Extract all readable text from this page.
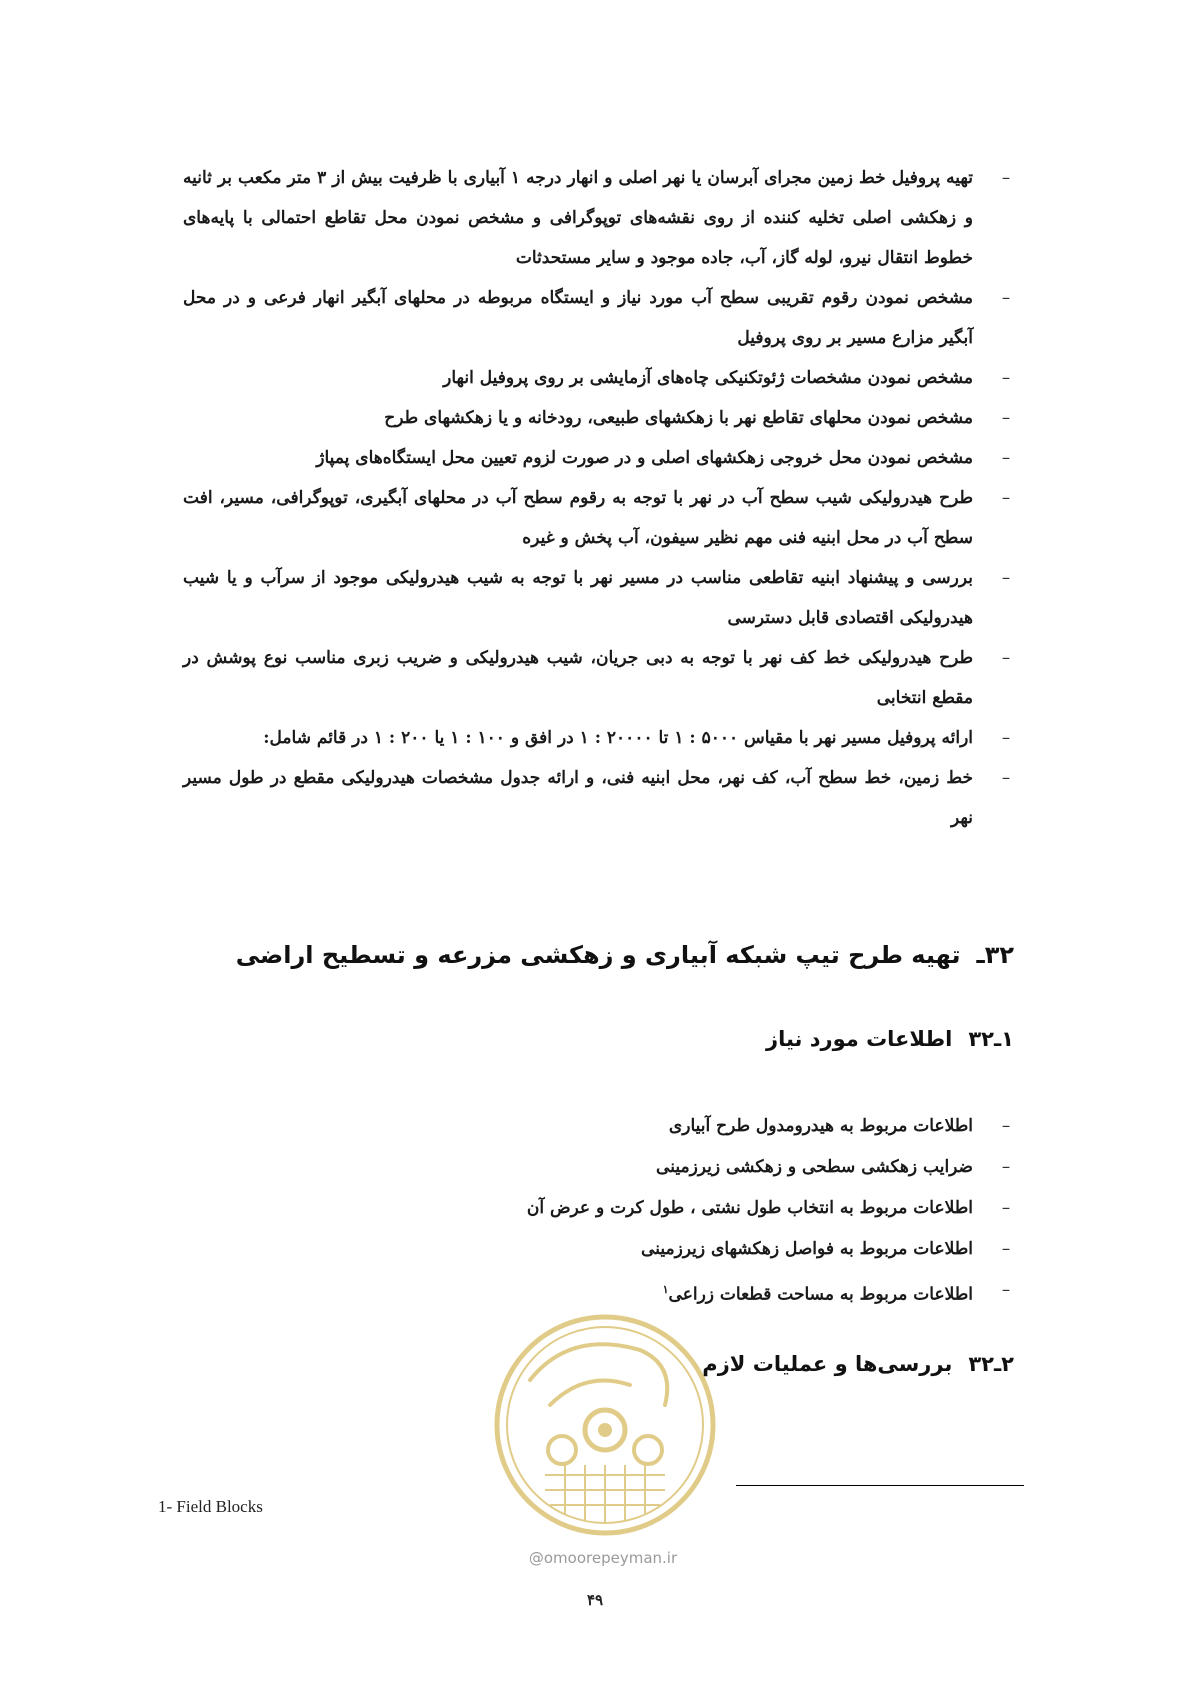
–
تهیه پروفیل خط زمین مجرای آبرسان یا نهر اصلی و انهار درجه ۱ آبیاری با ظرفیت بیش از ۳ متر مکعب بر ثانیه و زهکشی اصلی تخلیه کننده از روی نقشه‌های توپوگرافی و مشخص نمودن محل تقاطع احتمالی با پایه‌های خطوط انتقال نیرو، لوله گاز، آب، جاده موجود و سایر مستحدثات
–
مشخص نمودن رقوم تقریبی سطح آب مورد نیاز و ایستگاه مربوطه در محلهای آبگیر انهار فرعی و در محل آبگیر مزارع مسیر بر روی پروفیل
–
مشخص نمودن مشخصات ژئوتکنیکی چاه‌های آزمایشی بر روی پروفیل انهار
–
مشخص نمودن محلهای تقاطع نهر با زهکشهای طبیعی، رودخانه و یا زهکشهای طرح
–
مشخص نمودن محل خروجی زهکشهای اصلی و در صورت لزوم تعیین محل ایستگاه‌های پمپاژ
–
طرح هیدرولیکی شیب سطح آب در نهر با توجه به رقوم سطح آب در محلهای آبگیری، توپوگرافی، مسیر، افت سطح آب در محل ابنیه فنی مهم نظیر سیفون، آب پخش و غیره
–
بررسی و پیشنهاد ابنیه تقاطعی مناسب در مسیر نهر با توجه به شیب هیدرولیکی موجود از سرآب و یا شیب هیدرولیکی اقتصادی قابل دسترسی
–
طرح هیدرولیکی خط کف نهر با توجه به دبی جریان، شیب هیدرولیکی و ضریب زبری مناسب نوع پوشش در مقطع انتخابی
–
ارائه پروفیل مسیر نهر با مقیاس ۵۰۰۰ : ۱ تا ۲۰۰۰۰ : ۱ در افق و ۱۰۰ : ۱ یا ۲۰۰ : ۱ در قائم شامل:
–
خط زمین، خط سطح آب، کف نهر، محل ابنیه فنی، و ارائه جدول مشخصات هیدرولیکی مقطع در طول مسیر نهر
۳۲ـتهیه طرح تیپ شبکه آبیاری و زهکشی مزرعه و تسطیح اراضی
۱ـ۳۲اطلاعات مورد نیاز
–
اطلاعات مربوط به هیدرومدول طرح آبیاری
–
ضرایب زهکشی سطحی و زهکشی زیرزمینی
–
اطلاعات مربوط به انتخاب طول نشتی ، طول کرت و عرض آن
–
اطلاعات مربوط به فواصل زهکشهای زیرزمینی
–
اطلاعات مربوط به مساحت قطعات زراعی$^۱$
۲ـ۳۲بررسی‌ها و عملیات لازم
@omoorepeyman.ir
1- Field Blocks
۴۹
